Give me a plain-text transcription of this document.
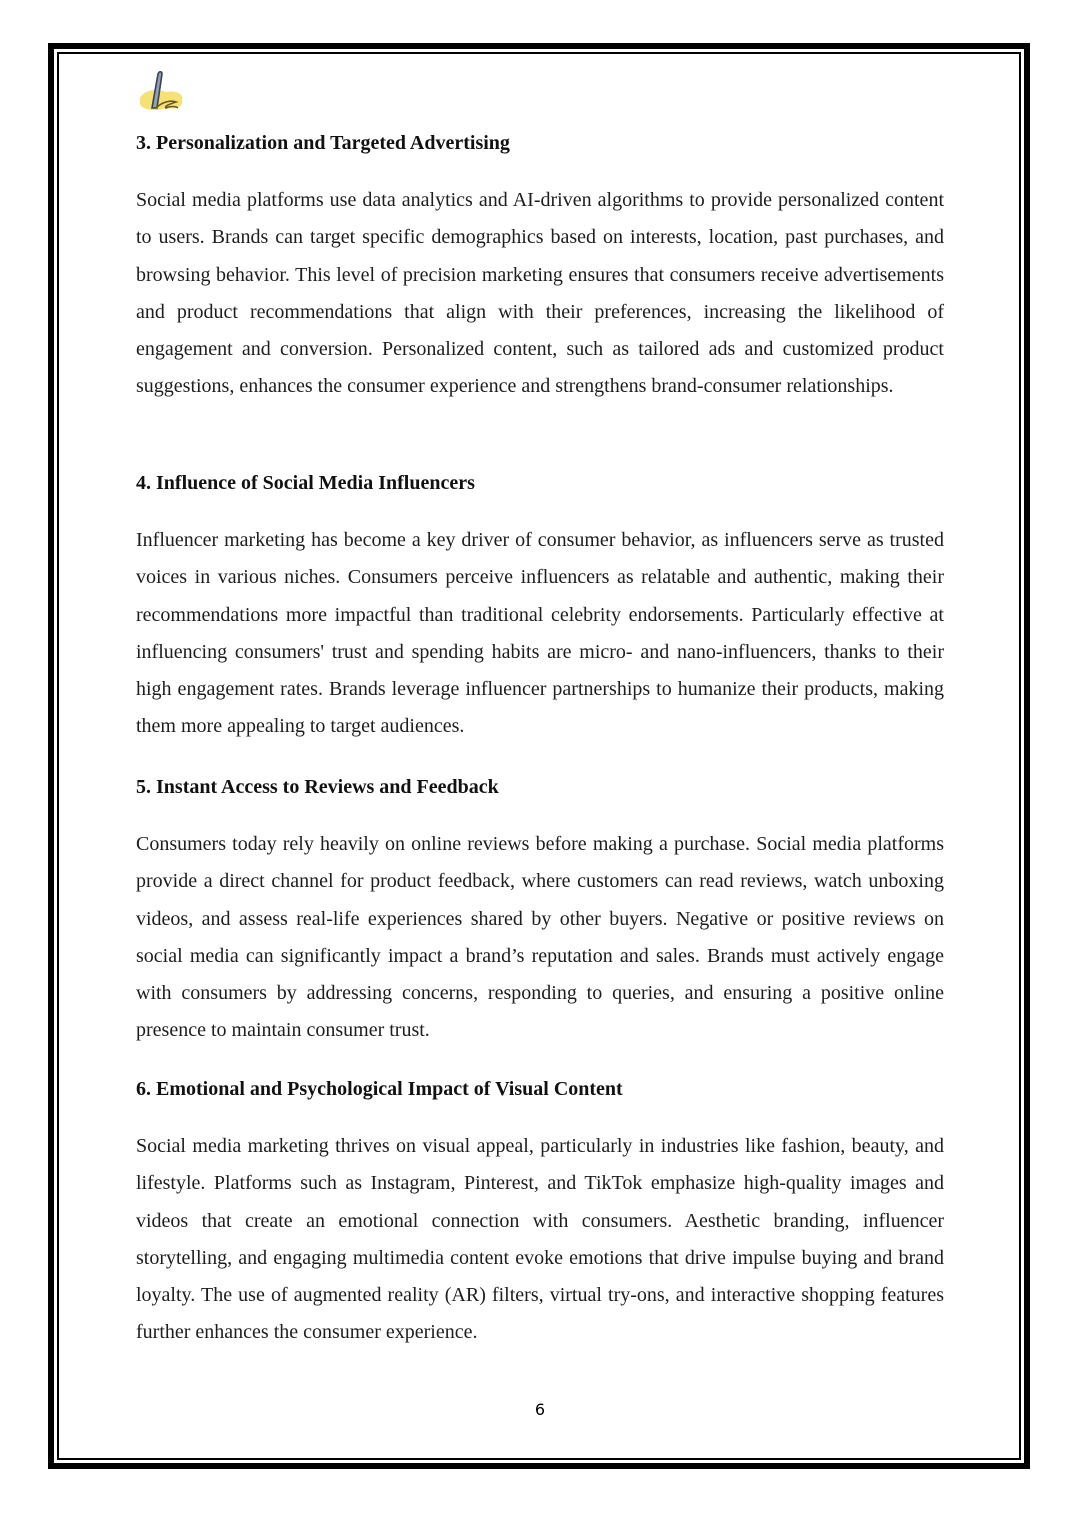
3. Personalization and Targeted Advertising

Social media platforms use data analytics and AI-driven algorithms to provide personalized content to users. Brands can target specific demographics based on interests, location, past purchases, and browsing behavior. This level of precision marketing ensures that consumers receive advertisements and product recommendations that align with their preferences, increasing the likelihood of engagement and conversion. Personalized content, such as tailored ads and customized product suggestions, enhances the consumer experience and strengthens brand-consumer relationships.

4. Influence of Social Media Influencers

Influencer marketing has become a key driver of consumer behavior, as influencers serve as trusted voices in various niches. Consumers perceive influencers as relatable and authentic, making their recommendations more impactful than traditional celebrity endorsements. Particularly effective at influencing consumers' trust and spending habits are micro- and nano-influencers, thanks to their high engagement rates. Brands leverage influencer partnerships to humanize their products, making them more appealing to target audiences.

5. Instant Access to Reviews and Feedback

Consumers today rely heavily on online reviews before making a purchase. Social media platforms provide a direct channel for product feedback, where customers can read reviews, watch unboxing videos, and assess real-life experiences shared by other buyers. Negative or positive reviews on social media can significantly impact a brand’s reputation and sales. Brands must actively engage with consumers by addressing concerns, responding to queries, and ensuring a positive online presence to maintain consumer trust.

6. Emotional and Psychological Impact of Visual Content

Social media marketing thrives on visual appeal, particularly in industries like fashion, beauty, and lifestyle. Platforms such as Instagram, Pinterest, and TikTok emphasize high-quality images and videos that create an emotional connection with consumers. Aesthetic branding, influencer storytelling, and engaging multimedia content evoke emotions that drive impulse buying and brand loyalty. The use of augmented reality (AR) filters, virtual try-ons, and interactive shopping features further enhances the consumer experience.

6
